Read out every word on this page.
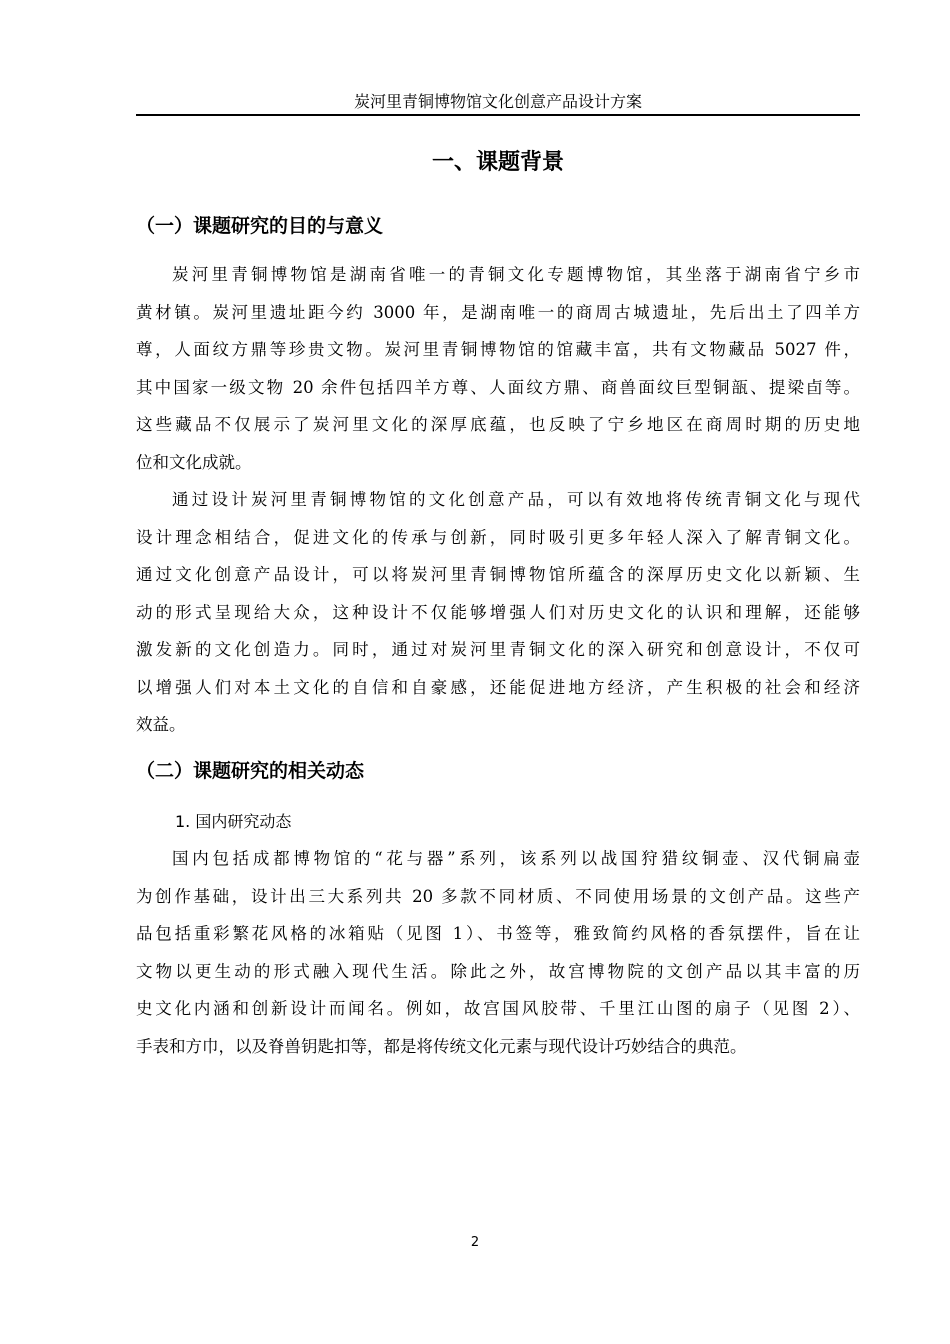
炭河里青铜博物馆文化创意产品设计方案
一、课题背景
（一）课题研究的目的与意义
炭河里青铜博物馆是湖南省唯一的青铜文化专题博物馆，其坐落于湖南省宁乡市
黄材镇。炭河里遗址距今约 3000 年，是湖南唯一的商周古城遗址，先后出土了四羊方
尊，人面纹方鼎等珍贵文物。炭河里青铜博物馆的馆藏丰富，共有文物藏品 5027 件，
其中国家一级文物 20 余件包括四羊方尊、人面纹方鼎、商兽面纹巨型铜瓿、提梁卣等。
这些藏品不仅展示了炭河里文化的深厚底蕴，也反映了宁乡地区在商周时期的历史地
位和文化成就。
通过设计炭河里青铜博物馆的文化创意产品，可以有效地将传统青铜文化与现代
设计理念相结合，促进文化的传承与创新，同时吸引更多年轻人深入了解青铜文化。
通过文化创意产品设计，可以将炭河里青铜博物馆所蕴含的深厚历史文化以新颖、生
动的形式呈现给大众，这种设计不仅能够增强人们对历史文化的认识和理解，还能够
激发新的文化创造力。同时，通过对炭河里青铜文化的深入研究和创意设计，不仅可
以增强人们对本土文化的自信和自豪感，还能促进地方经济，产生积极的社会和经济
效益。
（二）课题研究的相关动态
1. 国内研究动态
国内包括成都博物馆的“花与器”系列，该系列以战国狩猎纹铜壶、汉代铜扁壶
为创作基础，设计出三大系列共 20 多款不同材质、不同使用场景的文创产品。这些产
品包括重彩繁花风格的冰箱贴（见图 1）、书签等，雅致简约风格的香氛摆件，旨在让
文物以更生动的形式融入现代生活。除此之外，故宫博物院的文创产品以其丰富的历
史文化内涵和创新设计而闻名。例如，故宫国风胶带、千里江山图的扇子（见图 2）、
手表和方巾，以及脊兽钥匙扣等，都是将传统文化元素与现代设计巧妙结合的典范。
2
